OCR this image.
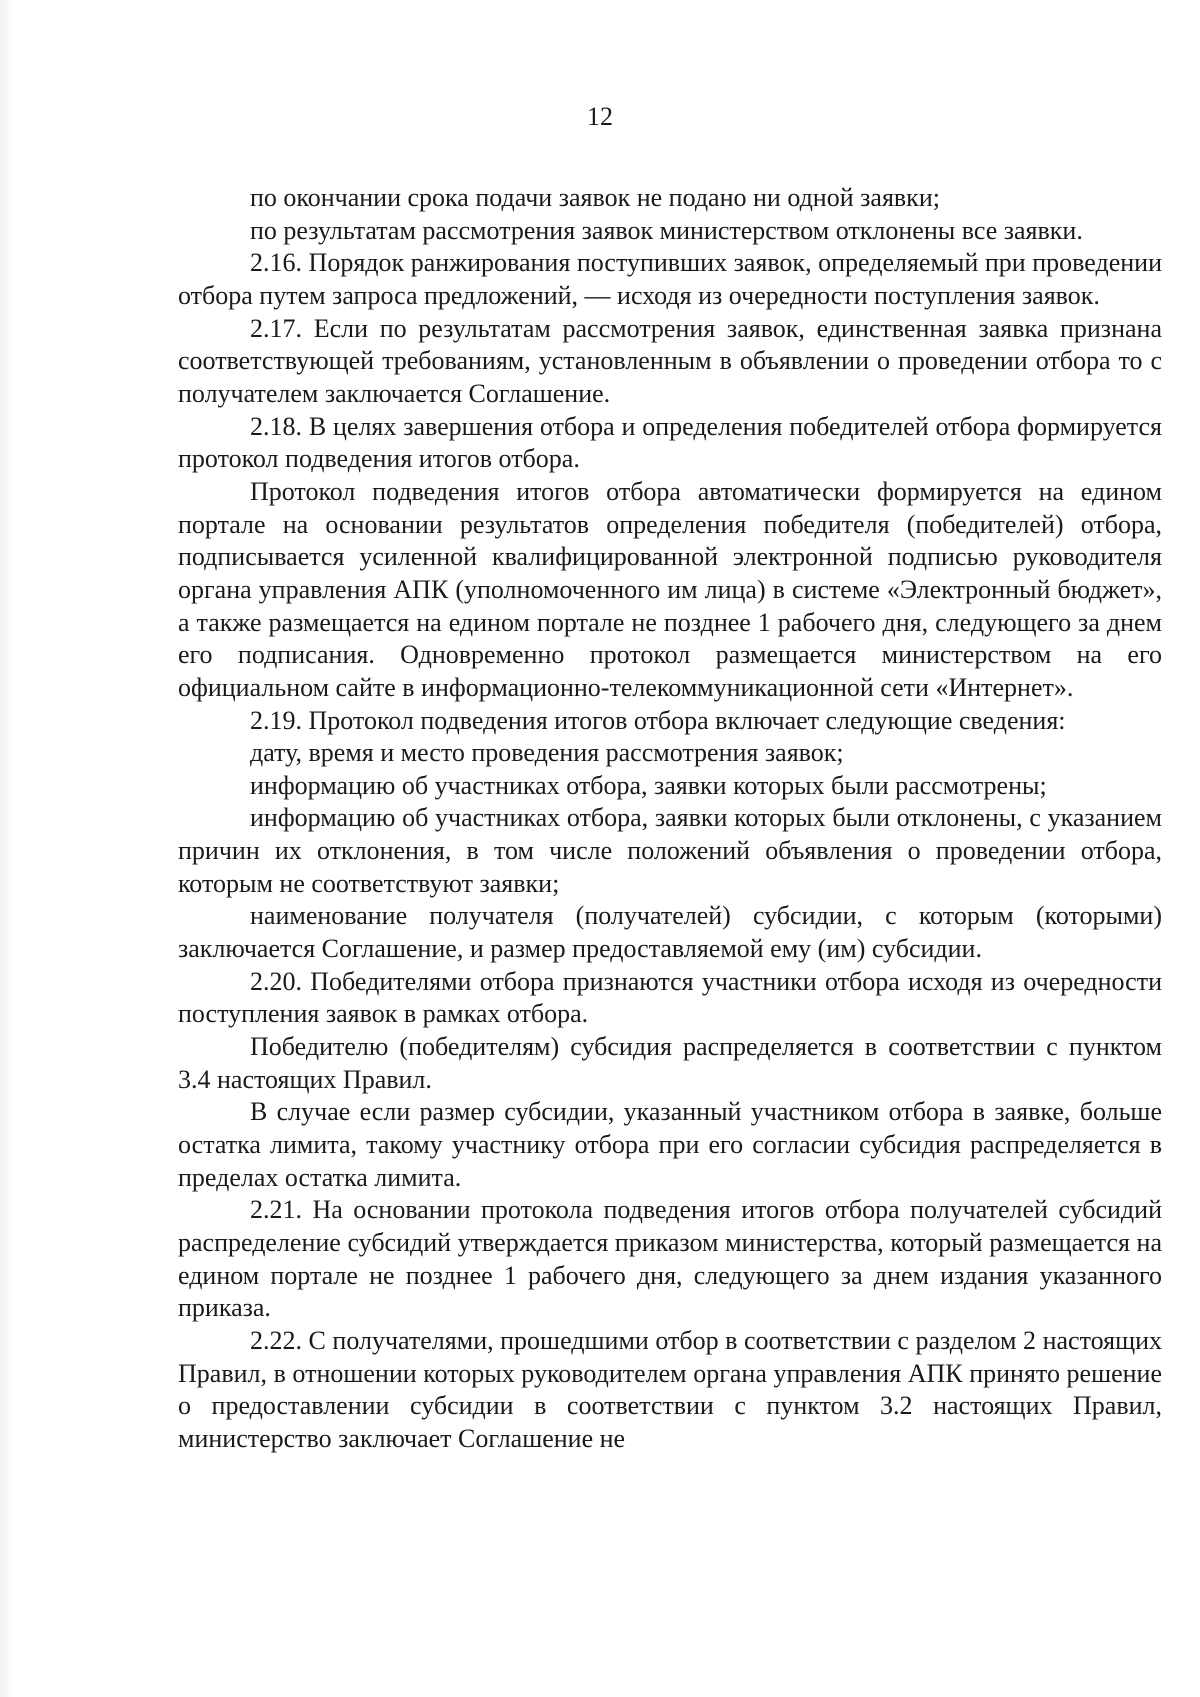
12

по окончании срока подачи заявок не подано ни одной заявки;

по результатам рассмотрения заявок министерством отклонены все заявки.

2.16. Порядок ранжирования поступивших заявок, определяемый при проведении отбора путем запроса предложений, — исходя из очередности поступления заявок.

2.17. Если по результатам рассмотрения заявок, единственная заявка признана соответствующей требованиям, установленным в объявлении о проведении отбора то с получателем заключается Соглашение.

2.18. В целях завершения отбора и определения победителей отбора формируется протокол подведения итогов отбора.

Протокол подведения итогов отбора автоматически формируется на едином портале на основании результатов определения победителя (победителей) отбора, подписывается усиленной квалифицированной электронной подписью руководителя органа управления АПК (уполномоченного им лица) в системе «Электронный бюджет», а также размещается на едином портале не позднее 1 рабочего дня, следующего за днем его подписания. Одновременно протокол размещается министерством на его официальном сайте в информационно-телекоммуникационной сети «Интернет».

2.19. Протокол подведения итогов отбора включает следующие сведения:

дату, время и место проведения рассмотрения заявок;

информацию об участниках отбора, заявки которых были рассмотрены;

информацию об участниках отбора, заявки которых были отклонены, с указанием причин их отклонения, в том числе положений объявления о проведении отбора, которым не соответствуют заявки;

наименование получателя (получателей) субсидии, с которым (которыми) заключается Соглашение, и размер предоставляемой ему (им) субсидии.

2.20. Победителями отбора признаются участники отбора исходя из очередности поступления заявок в рамках отбора.

Победителю (победителям) субсидия распределяется в соответствии с пунктом 3.4 настоящих Правил.

В случае если размер субсидии, указанный участником отбора в заявке, больше остатка лимита, такому участнику отбора при его согласии субсидия распределяется в пределах остатка лимита.

2.21. На основании протокола подведения итогов отбора получателей субсидий распределение субсидий утверждается приказом министерства, который размещается на едином портале не позднее 1 рабочего дня, следующего за днем издания указанного приказа.

2.22. С получателями, прошедшими отбор в соответствии с разделом 2 настоящих Правил, в отношении которых руководителем органа управления АПК принято решение о предоставлении субсидии в соответствии с пунктом 3.2 настоящих Правил, министерство заключает Соглашение не
